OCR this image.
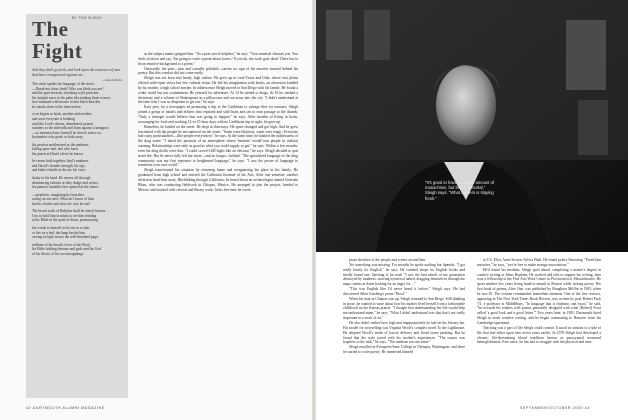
The Fight
And they shall go forth, and look upon the carcasses of men that have transgressed against me…
—Isaiah 66:24
The street speaks the language of the street:
—Dumb-ass Jesus freak! Who you think you are?
until he goes berserk, shrieking wyld preacher,
his straight razor in his palm like making three scarves
lace-trimmed with mauve to knit black knuckle,
he stands alone in the intersection
a car begins to honk, another and another,
and soon everyone is honking
until the Lord's chorus, abandoned, primal,
wanders to the sidewalk and leans against a lamppost
—so entranced into himself he doesn't notice us,
bystanders who gawk or look away.
his passion antithesized as the madmen
killing spree had, had who hurls
his punch at David where he knows
he seems both together, Saul's madness
and David's slender strength, his ego
and bathe volatile in the air, his voice
shaky in his hand. He moves off through
shimmering exhaust as they dodge and weave,
his paunch, humbles face spotted in the fumes
—prophetic, imagining his heartless
racing on our tires. What do I know of him
but his clothes and skin, the way he ran?
The broad walls of Babylon shall be utterly broken…
I try to hold him in mind, to see him sending
at his Bible in the quiet of dawn, pronouncing
the words to himself as he sits in a chair
or lies on a bed, the lamp beside him
casting its light across the well-thumbed page,
millions of his breath, lover of the Word,
his Bible holding demons and gods and the God
of his desire, of his own imaginings
BY TOM SLEIGH

as the subject matter gripped him. "As a poet you're helpless," he says. "Your material chooses you. You don't sit down and say, 'I'm going to write a poem about lovers.' If you do, the work goes dead. There has to be an emotive background to a poem."

Outwardly, the poet—trim and casually polished—carries no sign of the emotive turmoil behind his poetry. But this comfort did not come easily.

Sleigh was not born into heady, high culture. He grew up in rural Texas and Utah, where vast plains offered wide-open views but few cultural vistas. He fed his imagination with books, an obsession kindled by his mother, a high school teacher. In adolescence Sleigh moved to San Diego with his family. He found a wider world but not contentment. He yearned for adventure. At 14 he turned to drugs. At 16 he stashed a dictionary and a volume of Shakespeare in a pillowcase and ran away into the city. "I didn't understand at the time why I was so desperate to get out," he says.

Easy prey for a newspaper ad promising a trip to the Caribbean to salvage-dive for treasure, Sleigh joined a group of misfits and drifters who repaired and sold boats and ran to earn passage to the islands. "Only a teenager would believe that was going to happen," he says. After months of living in boats, scrounging for food and working 12-to-15-hour days with no Caribbean trip in sight, he gave up.

Homeless, he landed on the street. He slept in doorways. He spare-changed and got high. And he grew fascinated with the people he encountered on the street. "Some were hilarious, some were tragic. Everyone had crazy particularities—like people everywhere," he says. At the same time, he loathed the ruthlessness of the drug scene. "I hated the paranoia of an atmosphere where 'enemies' would turn people in without warning. Relationships were only as good as what you could supply or get," he says. Within a few months, even his drug thrills were thin. "I could crowd LSD highs like an elevator," he says. Sleigh decided to quit street life. But he never fully left the street—and no longer—behind. "The specialized language of the drug community was my first exposure to heightened language," he says. "I saw the power of language to transform your own world."

Sleigh transformed his situation by returning home and reorganizing his place in his family. He graduated from high school and entered the California Institute of the Arts. After one semester, another diversion lured him away. Hitchhiking through California, he heard about an archaeologist named Gertrude Blom, who was conducting fieldwork in Chiapas, Mexico. He arranged to join the project, headed to Mexico and assisted with clerical and library work. In his free time he wrote

"It's good to have a certain amount of masochism, but that's immortal," Sleigh says. "What matters is staying fresh."

prose sketches of the people and scenes around him.

Yet something was missing. For months he spoke nothing but Spanish. "I got really lonely for English," he says. He combed shops for English books and finally found one. Opening it, he read: "I saw the best minds of my generation destroyed by madness, starving hysterical naked, dragging themselves through the negro streets at dawn looking for an angry fix…"

"This was English like I'd never heard it before," Sleigh says. He had discovered Allen Ginsberg's poem "Howl."

When his stint in Chiapas was up, Sleigh returned to San Diego. Still thinking in prose, he wanted to write about how his mother lived herself from a fashionable childhood on the Kansas prairie. "I thought that understanding her life would help me understand mine," he says. "What I didn't understand was that that's not really important in a work of art."

He also didn't realize how high and inappropriately he had set his literary bar. His model for storytelling was Virginia Woolf's complex novel To the Lighthouse. He adopted Woolf's mode of lyrical delivery and florid scene painting. But he found that the style jarred with his mother's experiences. "The reason was hopeless to the task," he says. "The medium was not mine."

Sleigh enrolled in Evergreen State College in Olympia, Washington, and there he started to write poetry. He immersed himself

in T.S. Eliot, Anne Sexton, Sylvia Plath. He found poetry liberating. "Freed him narrative," he says, "you're free to make strange associations."

He'd found his medium. Sleigh sped ahead, completing a master's degree in creative writing at Johns Hopkins. He worked odd jobs to support his writing, then won a fellowship to the Fine Arts Work Center in Provincetown, Massachusetts. He spent another few years living hand-to-mouth in Boston while writing poetry. His first book of poems, After One, was published by Houghton Mifflin in 1983, when he was 30. The volume commanded immediate attention. One of the first reviews, appearing in The New York Times Book Review, was written by poet Robert Pack '51, a professor at Middlebury. "In language that is rhythmic and exact," he said, "he rewards his readers with poems genuinely designed with what [Robert] Frost called 'a good look and a good listen.'" Two years later, in 1985, Dartmouth hired Sleigh to teach creative writing, and he began commuting to Hanover from his Cambridge apartment.

Teaching was a part of life Sleigh could control. It stood in contrast to a side of life that had either upon him seven years earlier. In 1978 Sleigh had developed a chronic, life-threatening blood condition known as paroxysmal nocturnal hemoglobinuria. Ever since, he has had to struggle with the physical and emo-

42 DARTMOUTH ALUMNI MAGAZINE	SEPTEMBER/OCTOBER 2000 43
